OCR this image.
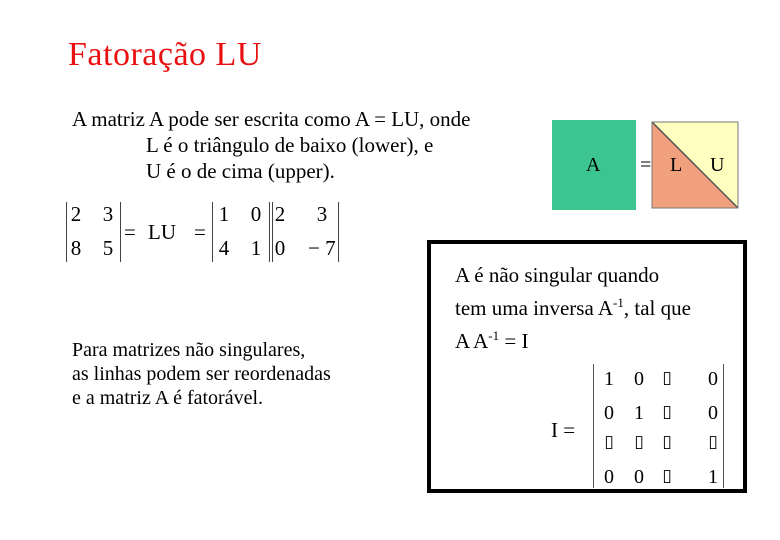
Fatoração LU
A matriz A pode ser escrita como A = LU, onde
L é o triângulo de baixo (lower), e
U é o de cima (upper).
2 3
8 5
= LU =
1 0
4 1
2 3
0 − 7
A = L U
A é não singular quando
tem uma inversa $A^{-1}$, tal que
A $A^{-1} = I$
I =
1 0	▯ 0
0 1	▯ 0
▯	▯	▯	▯
0 0	▯ 1
Para matrizes não singulares,
as linhas podem ser reordenadas
e a matriz A é fatorável.
